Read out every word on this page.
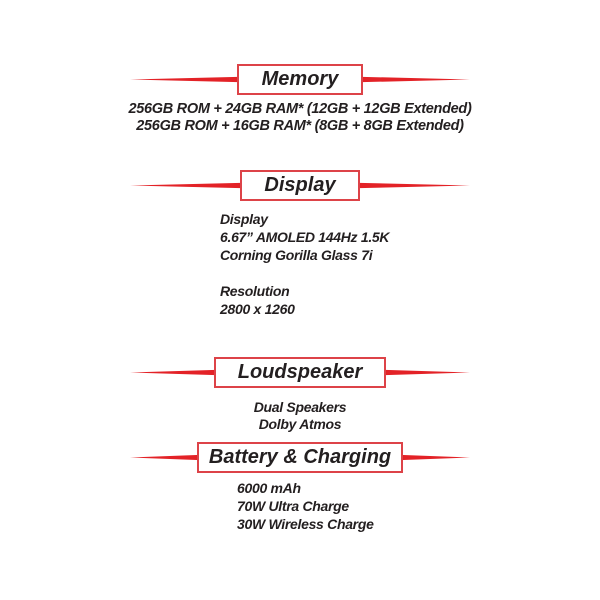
Memory
256GB ROM + 24GB RAM* (12GB + 12GB Extended)
256GB ROM + 16GB RAM* (8GB + 8GB Extended)
Display
Display
6.67” AMOLED 144Hz 1.5K
Corning Gorilla Glass 7i
Resolution
2800 x 1260
Loudspeaker
Dual Speakers
Dolby Atmos
Battery & Charging
6000 mAh
70W Ultra Charge
30W Wireless Charge
